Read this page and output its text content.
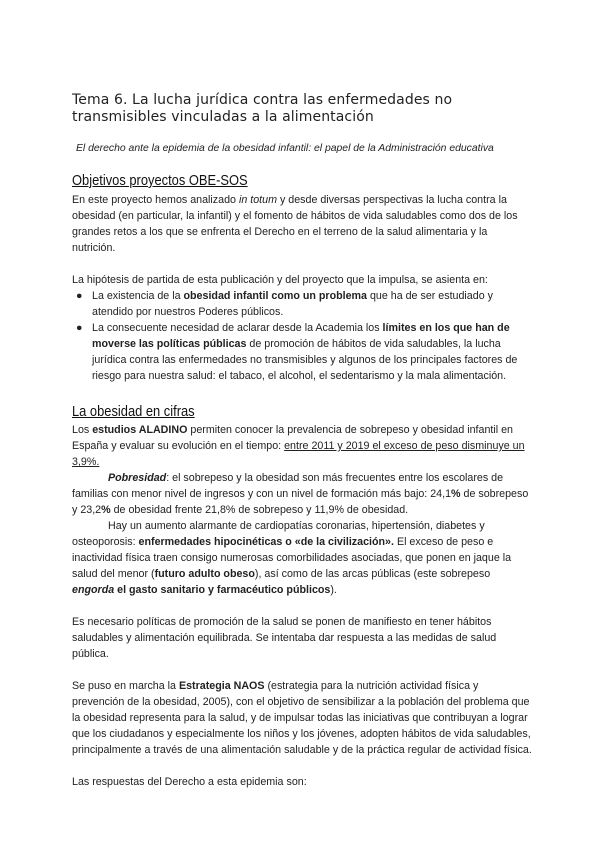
Tema 6. La lucha jurídica contra las enfermedades no transmisibles vinculadas a la alimentación
El derecho ante la epidemia de la obesidad infantil: el papel de la Administración educativa
Objetivos proyectos OBE-SOS

En este proyecto hemos analizado in totum y desde diversas perspectivas la lucha contra la obesidad (en particular, la infantil) y el fomento de hábitos de vida saludables como dos de los grandes retos a los que se enfrenta el Derecho en el terreno de la salud alimentaria y la nutrición.

La hipótesis de partida de esta publicación y del proyecto que la impulsa, se asienta en:

● La existencia de la obesidad infantil como un problema que ha de ser estudiado y atendido por nuestros Poderes públicos.
● La consecuente necesidad de aclarar desde la Academia los límites en los que han de moverse las políticas públicas de promoción de hábitos de vida saludables, la lucha jurídica contra las enfermedades no transmisibles y algunos de los principales factores de riesgo para nuestra salud: el tabaco, el alcohol, el sedentarismo y la mala alimentación.
La obesidad en cifras

Los estudios ALADINO permiten conocer la prevalencia de sobrepeso y obesidad infantil en España y evaluar su evolución en el tiempo: entre 2011 y 2019 el exceso de peso disminuye un 3,9%.

Pobresidad: el sobrepeso y la obesidad son más frecuentes entre los escolares de familias con menor nivel de ingresos y con un nivel de formación más bajo: 24,1% de sobrepeso y 23,2% de obesidad frente 21,8% de sobrepeso y 11,9% de obesidad.

Hay un aumento alarmante de cardiopatías coronarias, hipertensión, diabetes y osteoporosis: enfermedades hipocinéticas o «de la civilización». El exceso de peso e inactividad física traen consigo numerosas comorbilidades asociadas, que ponen en jaque la salud del menor (futuro adulto obeso), así como de las arcas públicas (este sobrepeso engorda el gasto sanitario y farmacéutico públicos).

Es necesario políticas de promoción de la salud se ponen de manifiesto en tener hábitos saludables y alimentación equilibrada. Se intentaba dar respuesta a las medidas de salud pública.

Se puso en marcha la Estrategia NAOS (estrategia para la nutrición actividad física y prevención de la obesidad, 2005), con el objetivo de sensibilizar a la población del problema que la obesidad representa para la salud, y de impulsar todas las iniciativas que contribuyan a lograr que los ciudadanos y especialmente los niños y los jóvenes, adopten hábitos de vida saludables, principalmente a través de una alimentación saludable y de la práctica regular de actividad física.

Las respuestas del Derecho a esta epidemia son:
